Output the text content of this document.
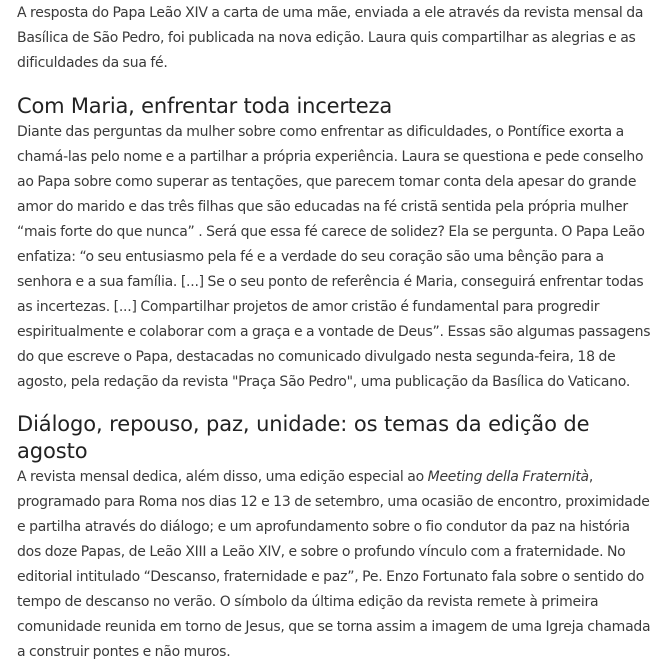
A resposta do Papa Leão XIV a carta de uma mãe, enviada a ele através da revista mensal da Basílica de São Pedro, foi publicada na nova edição. Laura quis compartilhar as alegrias e as dificuldades da sua fé.

Com Maria, enfrentar toda incerteza

Diante das perguntas da mulher sobre como enfrentar as dificuldades, o Pontífice exorta a chamá-las pelo nome e a partilhar a própria experiência. Laura se questiona e pede conselho ao Papa sobre como superar as tentações, que parecem tomar conta dela apesar do grande amor do marido e das três filhas que são educadas na fé cristã sentida pela própria mulher “mais forte do que nunca” . Será que essa fé carece de solidez? Ela se pergunta. O Papa Leão enfatiza: “o seu entusiasmo pela fé e a verdade do seu coração são uma bênção para a senhora e a sua família. [...] Se o seu ponto de referência é Maria, conseguirá enfrentar todas as incertezas. [...] Compartilhar projetos de amor cristão é fundamental para progredir espiritualmente e colaborar com a graça e a vontade de Deus”. Essas são algumas passagens do que escreve o Papa, destacadas no comunicado divulgado nesta segunda-feira, 18 de agosto, pela redação da revista "Praça São Pedro", uma publicação da Basílica do Vaticano.

Diálogo, repouso, paz, unidade: os temas da edição de agosto

A revista mensal dedica, além disso, uma edição especial ao Meeting della Fraternità, programado para Roma nos dias 12 e 13 de setembro, uma ocasião de encontro, proximidade e partilha através do diálogo; e um aprofundamento sobre o fio condutor da paz na história dos doze Papas, de Leão XIII a Leão XIV, e sobre o profundo vínculo com a fraternidade. No editorial intitulado “Descanso, fraternidade e paz”, Pe. Enzo Fortunato fala sobre o sentido do tempo de descanso no verão. O símbolo da última edição da revista remete à primeira comunidade reunida em torno de Jesus, que se torna assim a imagem de uma Igreja chamada a construir pontes e não muros.
